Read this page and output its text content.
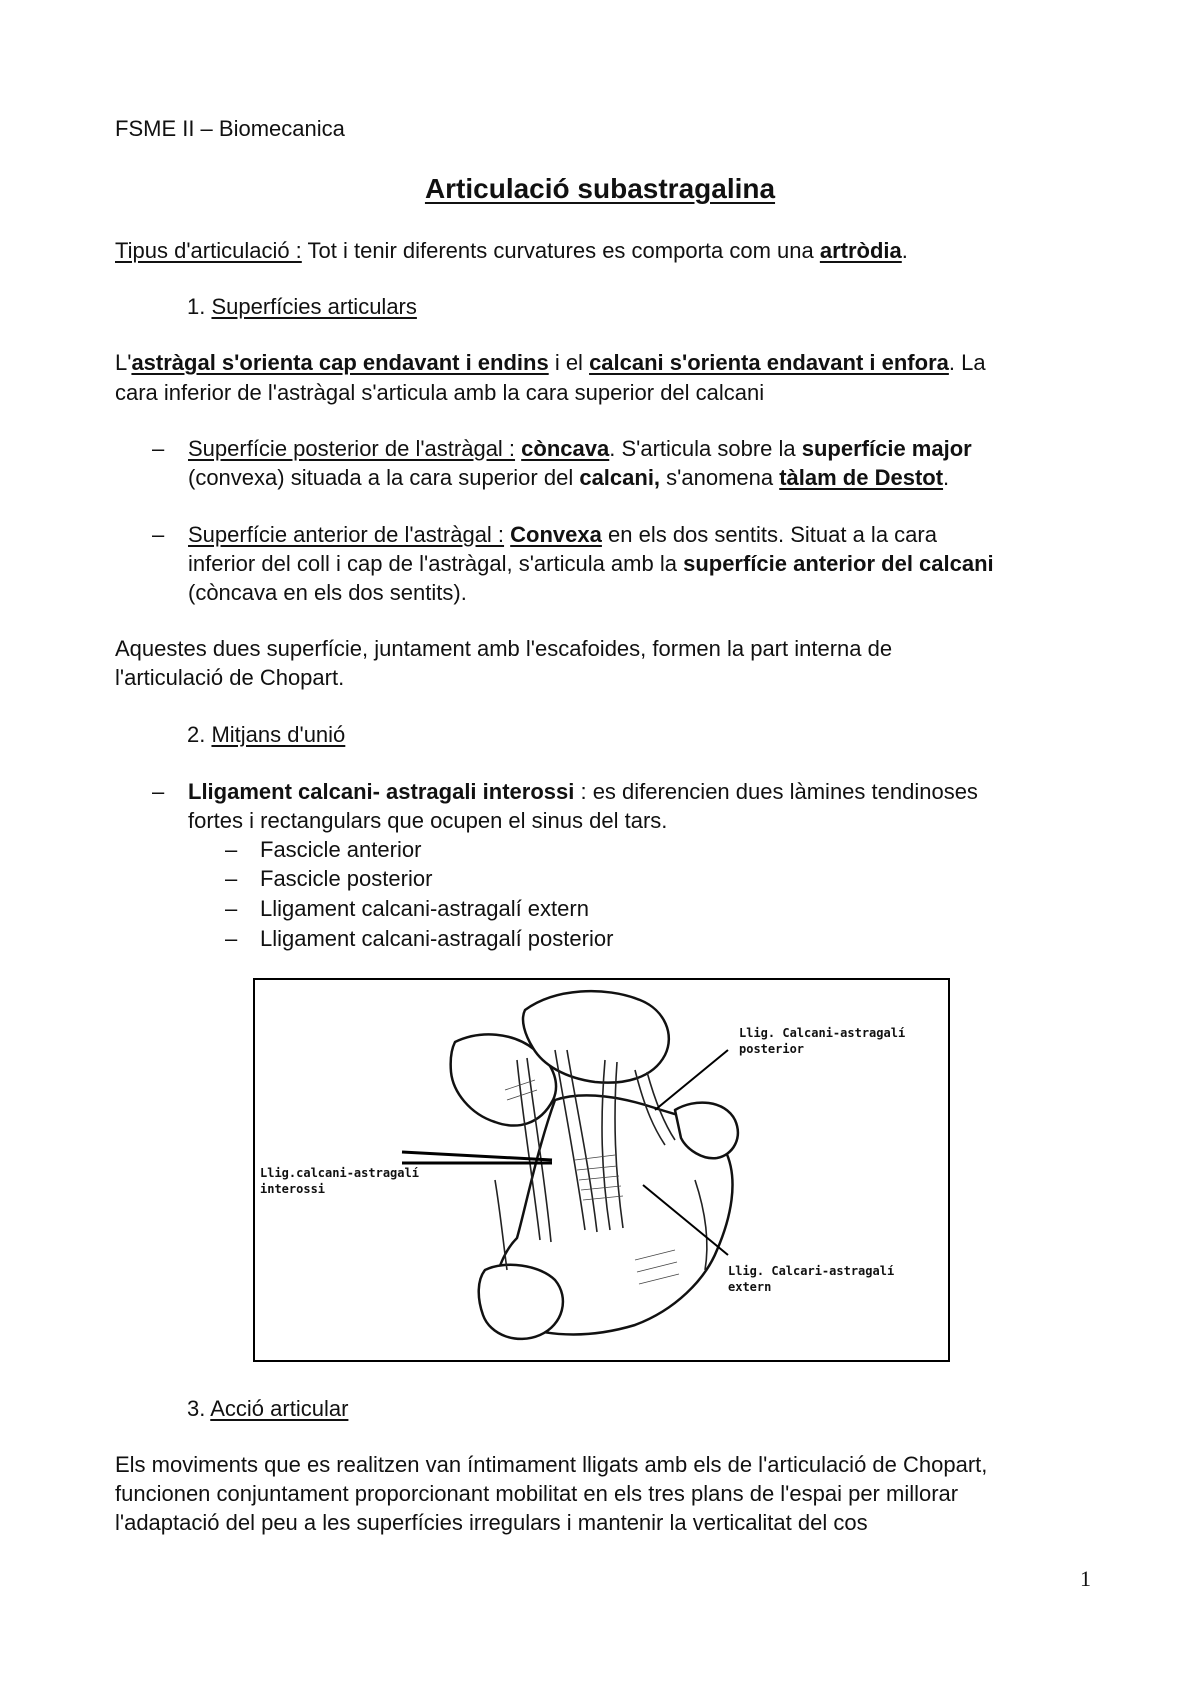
FSME II – Biomecanica
Articulació subastragalina
Tipus d'articulació : Tot i tenir diferents curvatures es comporta com una artròdia.
1. Superfícies articulars
L'astràgal s'orienta cap endavant i endins i el calcani s'orienta endavant i enfora. La
cara inferior de l'astràgal s'articula amb la cara superior del calcani
– Superfície posterior de l'astràgal : còncava. S'articula sobre la superfície major
(convexa) situada a la cara superior del calcani, s'anomena tàlam de Destot.
– Superfície anterior de l'astràgal : Convexa en els dos sentits. Situat a la cara
inferior del coll i cap de l'astràgal, s'articula amb la superfície anterior del calcani
(còncava en els dos sentits).
Aquestes dues superfície, juntament amb l'escafoides, formen la part interna de
l'articulació de Chopart.
2. Mitjans d'unió
– Lligament calcani- astragali interossi : es diferencien dues làmines tendinoses
fortes i rectangulars que ocupen el sinus del tars.
– Fascicle anterior
– Fascicle posterior
– Lligament calcani-astragalí extern
– Lligament calcani-astragalí posterior
Llig. Calcani-astragalí
posterior
Llig.calcani-astragalí
interossi
Llig. Calcari-astragalí
extern
3. Acció articular
Els moviments que es realitzen van íntimament lligats amb els de l'articulació de Chopart,
funcionen conjuntament proporcionant mobilitat en els tres plans de l'espai per millorar
l'adaptació del peu a les superfícies irregulars i mantenir la verticalitat del cos
1
